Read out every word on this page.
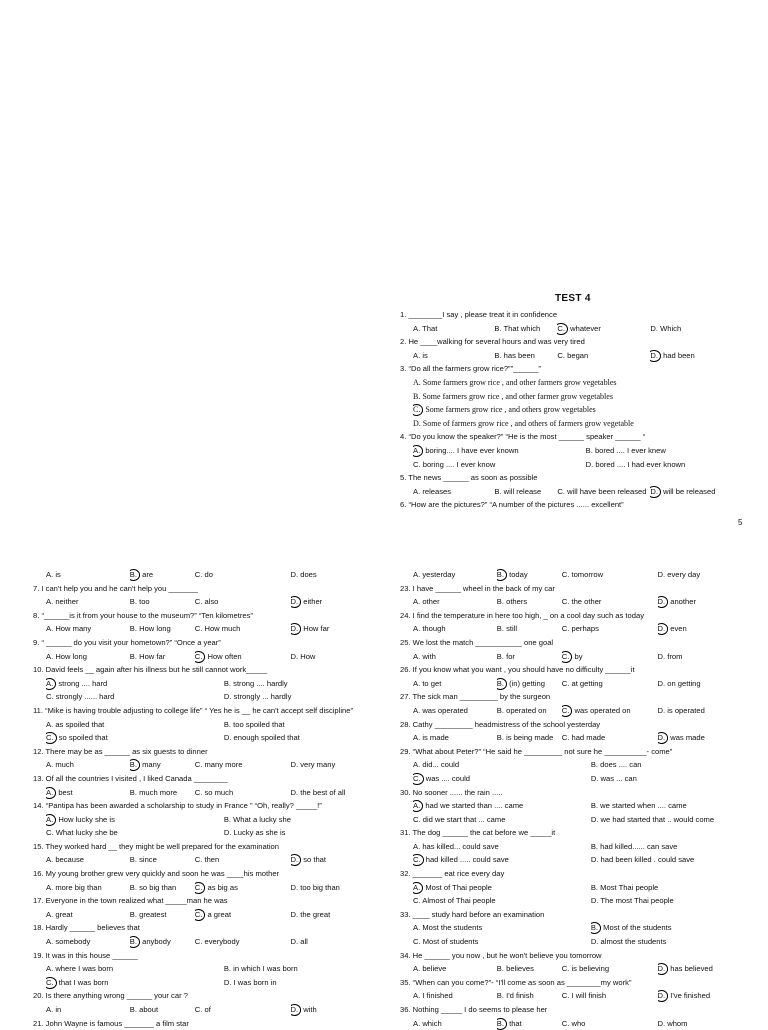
TEST 4
1. ________I say , please treat it in confidence
A. That	B. That which	C. whatever	D. Which
2. He ____walking for several hours and was very tired
A. is	B. has been	C. began	D. had been
3. “Do all the farmers grow rice?””______”
A. Some farmers grow rice , and other farmers grow vegetables
B. Some farmers grow rice , and other farmer grow vegetables
C. Some farmers grow rice , and others grow vegetables
D. Some of farmers grow rice , and others of farmers grow vegetable
4. “Do you know the speaker?” “He is the most ______ speaker ______ “
A. boring.... I have ever known	B. bored .... I ever knew
C. boring .... I ever know	D. bored .... I had ever known
5. The news ______ as soon as possible
A. releases	B. will release	C. will have been released D. will be released
6. “How are the pictures?” “A number of the pictures ...... excellent”
5
A. is	B. are	C. do	D. does
7. I can't help you and he can't help you _______
A. neither	B. too	C. also	D. either
8. “______is it from your house to the museum?” “Ten kilometres”
A. How many	B. How long	C. How much	D. How far
9. “ ______ do you visit your hometown?” “Once a year”
A. How long	B. How far	C. How often	D. How
10. David feels __ again after his illness but he still cannot work_____
A. strong .... hard	B. strong .... hardly
C. strongly ...... hard	D. strongly ... hardly
11. “Mike is having trouble adjusting to college life” “ Yes he is __ he can't accept self discipline”
A. as spoiled that	B. too spoiled that
C. so spoiled that	D. enough spoiled that
12. There may be as ______ as six guests to dinner
A. much	B. many	C. many more	D. very many
13. Of all the countries I visited , I liked Canada ________
A. best	B. much more	C. so much	D. the best of all
14. “Pantipa has been awarded a scholarship to study in France ” “Oh, really? _____!”
A. How lucky she is	B. What a lucky she
C. What lucky she be	D. Lucky as she is
15. They worked hard __ they might be well prepared for the examination
A. because	B. since	C. then	D. so that
16. My young brother grew very quickly and soon he was ____his mother
A. more big than	B. so big than	C. as big as	D. too big than
17. Everyone in the town realized what _____man he was
A. great	B. greatest	C. a great	D. the great
18. Hardly ______ believes that
A. somebody	B. anybody	C. everybody	D. all
19. It was in this house ______
A. where I was born	B. in which I was born
C. that I was born	D. I was born in
20. Is there anything wrong ______ your car ?
A. in	B. about	C. of	D. with
21. John Wayne is famous _______ a film star
A. yesterday	B. today	C. tomorrow	D. every day
23. I have ______ wheel in the back of my car
A. other	B. others	C. the other	D. another
24. I find the temperature in here too high, _ on a cool day such as today
A. though	B. still	C. perhaps	D. even
25. We lost the match ___________ one goal
A. with	B. for	C. by	D. from
26. If you know what you want , you should have no difficulty ______it
A. to get	B. (in) getting	C. at getting	D. on getting
27. The sick man _________ by the surgeon
A. was operated	B. operated on	C. was operated on	D. is operated
28. Cathy _________ headmistress of the school yesterday
A. is made	B. is being made	C. had made	D. was made
29. “What about Peter?” “He said he _________ not sure he __________- come”
A. did... could	B. does .... can
C. was .... could	D. was ... can
30. No sooner ...... the rain .....
A. had we started than .... came	B. we started when .... came
C. did we start that ... came	D. we had started that .. would come
31. The dog ______ the cat before we _____it
A. has killed... could save	B. had killed...... can save
C. had killed ..... could save	D. had been killed . could save
32. _______ eat rice every day
A. Most of Thai people	B. Most Thai people
C. Almost of Thai people	D. The most Thai people
33. ____ study hard before an examination
A. Most the students	B. Most of the students
C. Most of students	D. almost the students
34. He ______ you now , but he won't believe you tomorrow
A. believe	B. believes	C. is believing	D. has believed
35. “When can you come?”- “I'll come as soon as ________my work”
A. I finished	B. I'd finish	C. I will finish	D. I've finished
36. Nothing _____ I do seems to please her
A. which	B. that	C. who	D. whom
